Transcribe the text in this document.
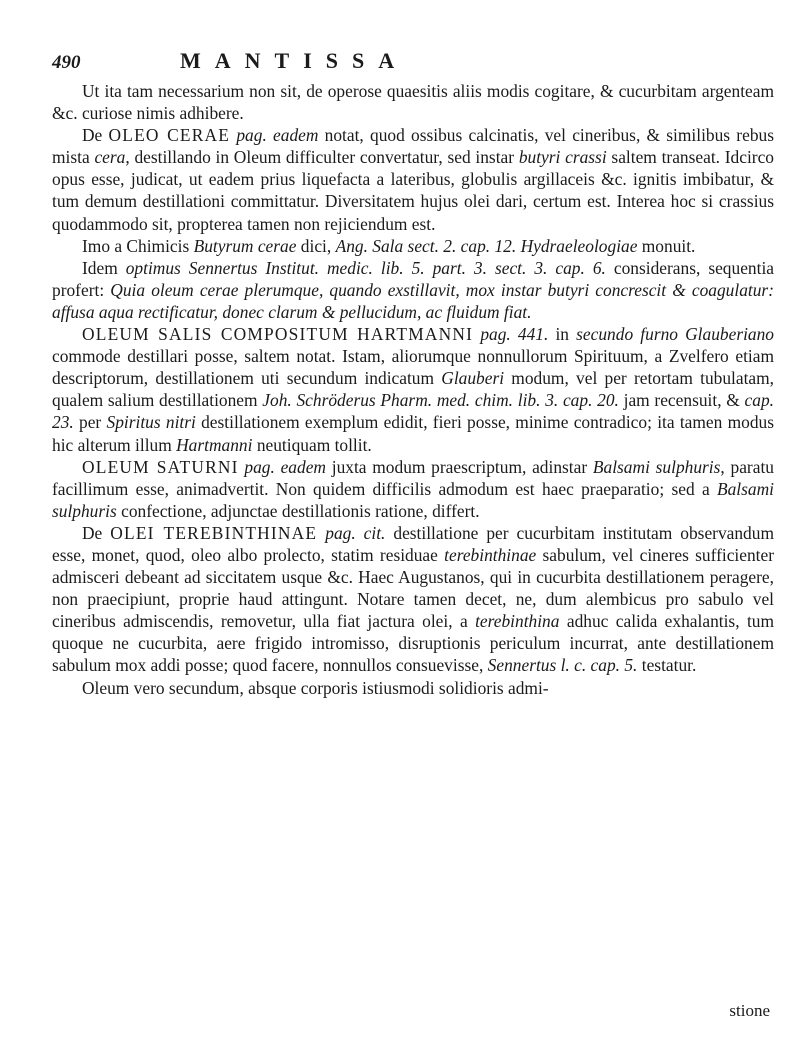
490	MANTISSA

Ut ita tam necessarium non sit, de operose quaesitis aliis modis cogitare, & cucurbitam argenteam &c. curiose nimis adhibere.

De OLEO CERAE pag. eadem notat, quod ossibus calcinatis, vel cineribus, & similibus rebus mista cera, destillando in Oleum difficulter convertatur, sed instar butyri crassi saltem transeat. Idcirco opus esse, judicat, ut eadem prius liquefacta a lateribus, globulis argillaceis &c. ignitis imbibatur, & tum demum destillationi committatur. Diversitatem hujus olei dari, certum est. Interea hoc si crassius quodammodo sit, propterea tamen non rejiciendum est.

Imo a Chimicis Butyrum cerae dici, Ang. Sala sect. 2. cap. 12. Hydraeleologiae monuit.

Idem optimus Sennertus Institut. medic. lib. 5. part. 3. sect. 3. cap. 6. considerans, sequentia profert: Quia oleum cerae plerumque, quando exstillavit, mox instar butyri concrescit & coagulatur: affusa aqua rectificatur, donec clarum & pellucidum, ac fluidum fiat.

OLEUM SALIS COMPOSITUM HARTMANNI pag. 441. in secundo furno Glauberiano commode destillari posse, saltem notat. Istam, aliorumque nonnullorum Spirituum, a Zvelfero etiam descriptorum, destillationem uti secundum indicatum Glauberi modum, vel per retortam tubulatam, qualem salium destillationem Joh. Schröderus Pharm. med. chim. lib. 3. cap. 20. jam recensuit, & cap. 23. per Spiritus nitri destillationem exemplum edidit, fieri posse, minime contradico; ita tamen modus hic alterum illum Hartmanni neutiquam tollit.

OLEUM SATURNI pag. eadem juxta modum praescriptum, adinstar Balsami sulphuris, paratu facillimum esse, animadvertit. Non quidem difficilis admodum est haec praeparatio; sed a Balsami sulphuris confectione, adjunctae destillationis ratione, differt.

De OLEI TEREBINTHINAE pag. cit. destillatione per cucurbitam institutam observandum esse, monet, quod, oleo albo prolecto, statim residuae terebinthinae sabulum, vel cineres sufficienter admisceri debeant ad siccitatem usque &c. Haec Augustanos, qui in cucurbita destillationem peragere, non praecipiunt, proprie haud attingunt. Notare tamen decet, ne, dum alembicus pro sabulo vel cineribus admiscendis, removetur, ulla fiat jactura olei, a terebinthina adhuc calida exhalantis, tum quoque ne cucurbita, aere frigido intromisso, disruptionis periculum incurrat, ante destillationem sabulum mox addi posse; quod facere, nonnullos consuevisse, Sennertus l. c. cap. 5. testatur.

Oleum vero secundum, absque corporis istiusmodi solidioris admi-

stione
